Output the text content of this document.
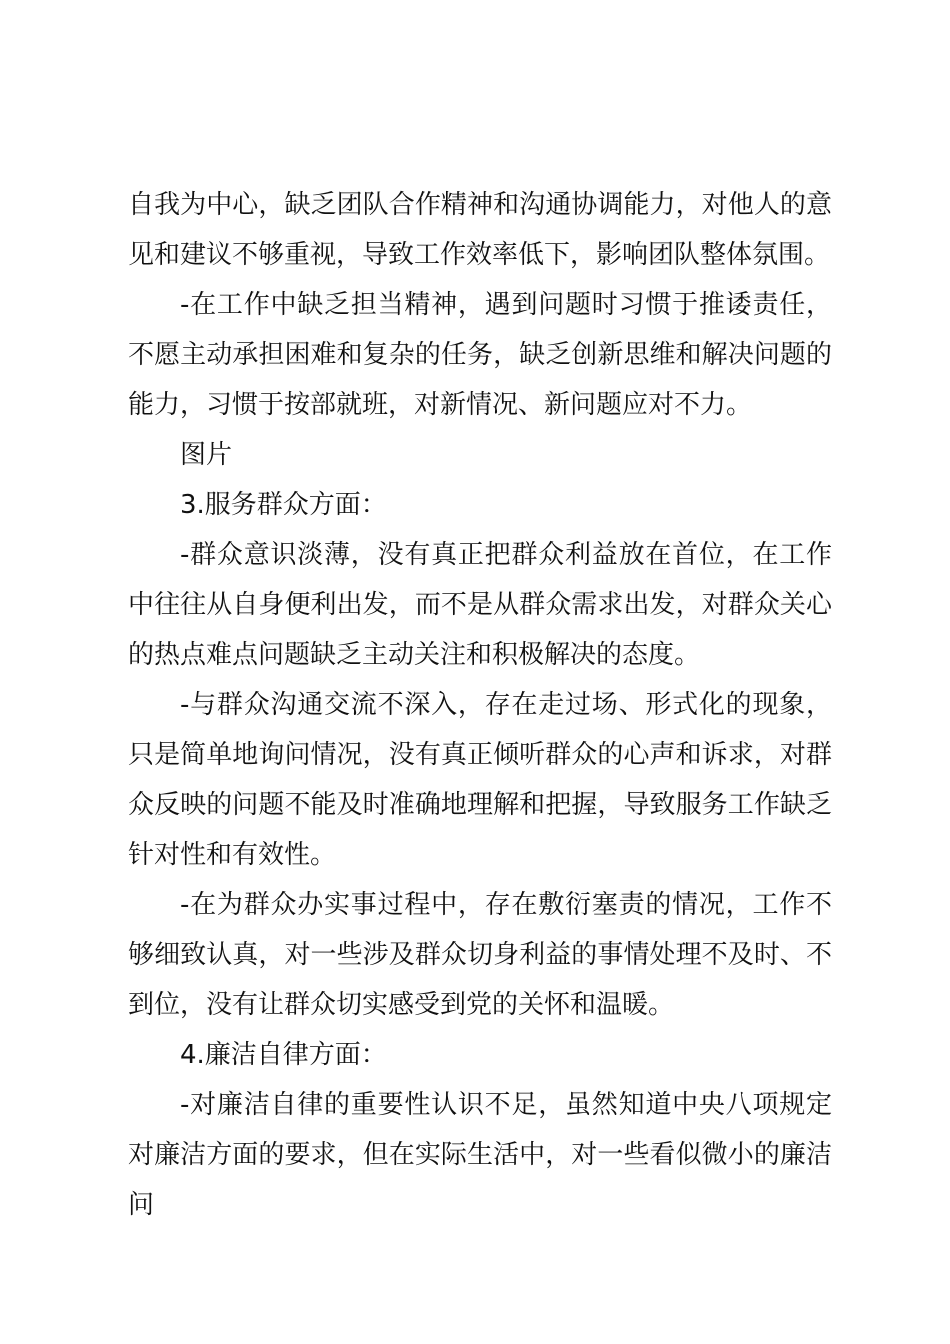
自我为中心，缺乏团队合作精神和沟通协调能力，对他人的意见和建议不够重视，导致工作效率低下，影响团队整体氛围。

-在工作中缺乏担当精神，遇到问题时习惯于推诿责任，不愿主动承担困难和复杂的任务，缺乏创新思维和解决问题的能力，习惯于按部就班，对新情况、新问题应对不力。

图片

3.服务群众方面：

-群众意识淡薄，没有真正把群众利益放在首位，在工作中往往从自身便利出发，而不是从群众需求出发，对群众关心的热点难点问题缺乏主动关注和积极解决的态度。

-与群众沟通交流不深入，存在走过场、形式化的现象，只是简单地询问情况，没有真正倾听群众的心声和诉求，对群众反映的问题不能及时准确地理解和把握，导致服务工作缺乏针对性和有效性。

-在为群众办实事过程中，存在敷衍塞责的情况，工作不够细致认真，对一些涉及群众切身利益的事情处理不及时、不到位，没有让群众切实感受到党的关怀和温暖。

4.廉洁自律方面：

-对廉洁自律的重要性认识不足，虽然知道中央八项规定对廉洁方面的要求，但在实际生活中，对一些看似微小的廉洁问
